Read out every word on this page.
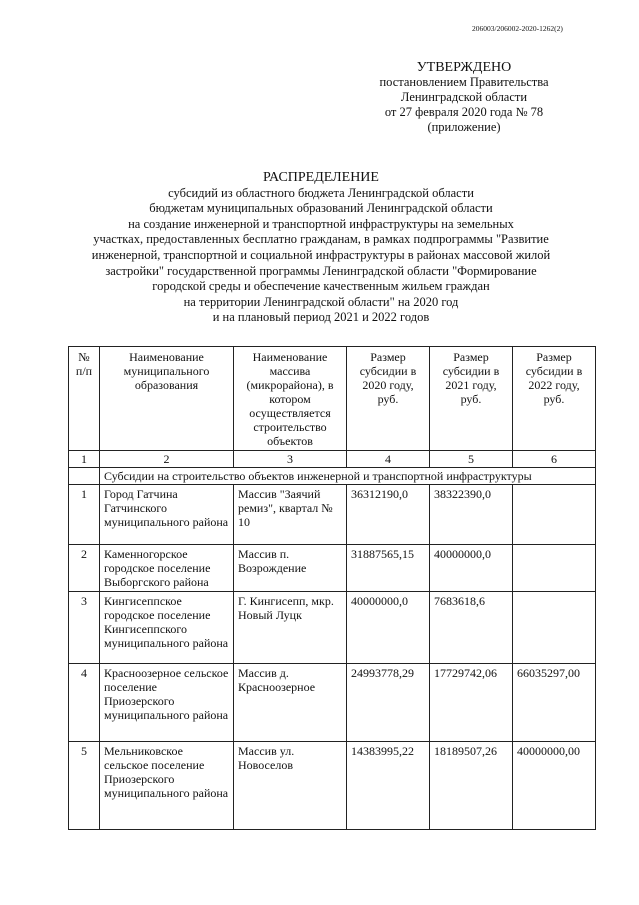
206003/206002-2020-1262(2)
УТВЕРЖДЕНО
постановлением Правительства
Ленинградской области
от 27 февраля 2020 года № 78
(приложение)
РАСПРЕДЕЛЕНИЕ
субсидий из областного бюджета Ленинградской области
бюджетам муниципальных образований Ленинградской области
на создание инженерной и транспортной инфраструктуры на земельных
участках, предоставленных бесплатно гражданам, в рамках подпрограммы "Развитие
инженерной, транспортной и социальной инфраструктуры в районах массовой жилой
застройки" государственной программы Ленинградской области "Формирование
городской среды и обеспечение качественным жильем граждан
на территории Ленинградской области" на 2020 год
и на плановый период 2021 и 2022 годов
№ п/п	Наименование муниципального образования	Наименование массива (микрорайона), в котором осуществляется строительство объектов	Размер субсидии в 2020 году, руб.	Размер субсидии в 2021 году, руб.	Размер субсидии в 2022 году, руб.
1	2	3	4	5	6
	Субсидии на строительство объектов инженерной и транспортной инфраструктуры				
1	Город Гатчина Гатчинского муниципального района	Массив "Заячий ремиз", квартал № 10	36312190,0	38322390,0	
2	Каменногорское городское поселение Выборгского района	Массив п. Возрождение	31887565,15	40000000,0	
3	Кингисеппское городское поселение Кингисеппского муниципального района	Г. Кингисепп, мкр. Новый Луцк	40000000,0	7683618,6	
4	Красноозерное сельское поселение Приозерского муниципального района	Массив д. Красноозерное	24993778,29	17729742,06	66035297,00
5	Мельниковское сельское поселение Приозерского муниципального района	Массив ул. Новоселов	14383995,22	18189507,26	40000000,00
